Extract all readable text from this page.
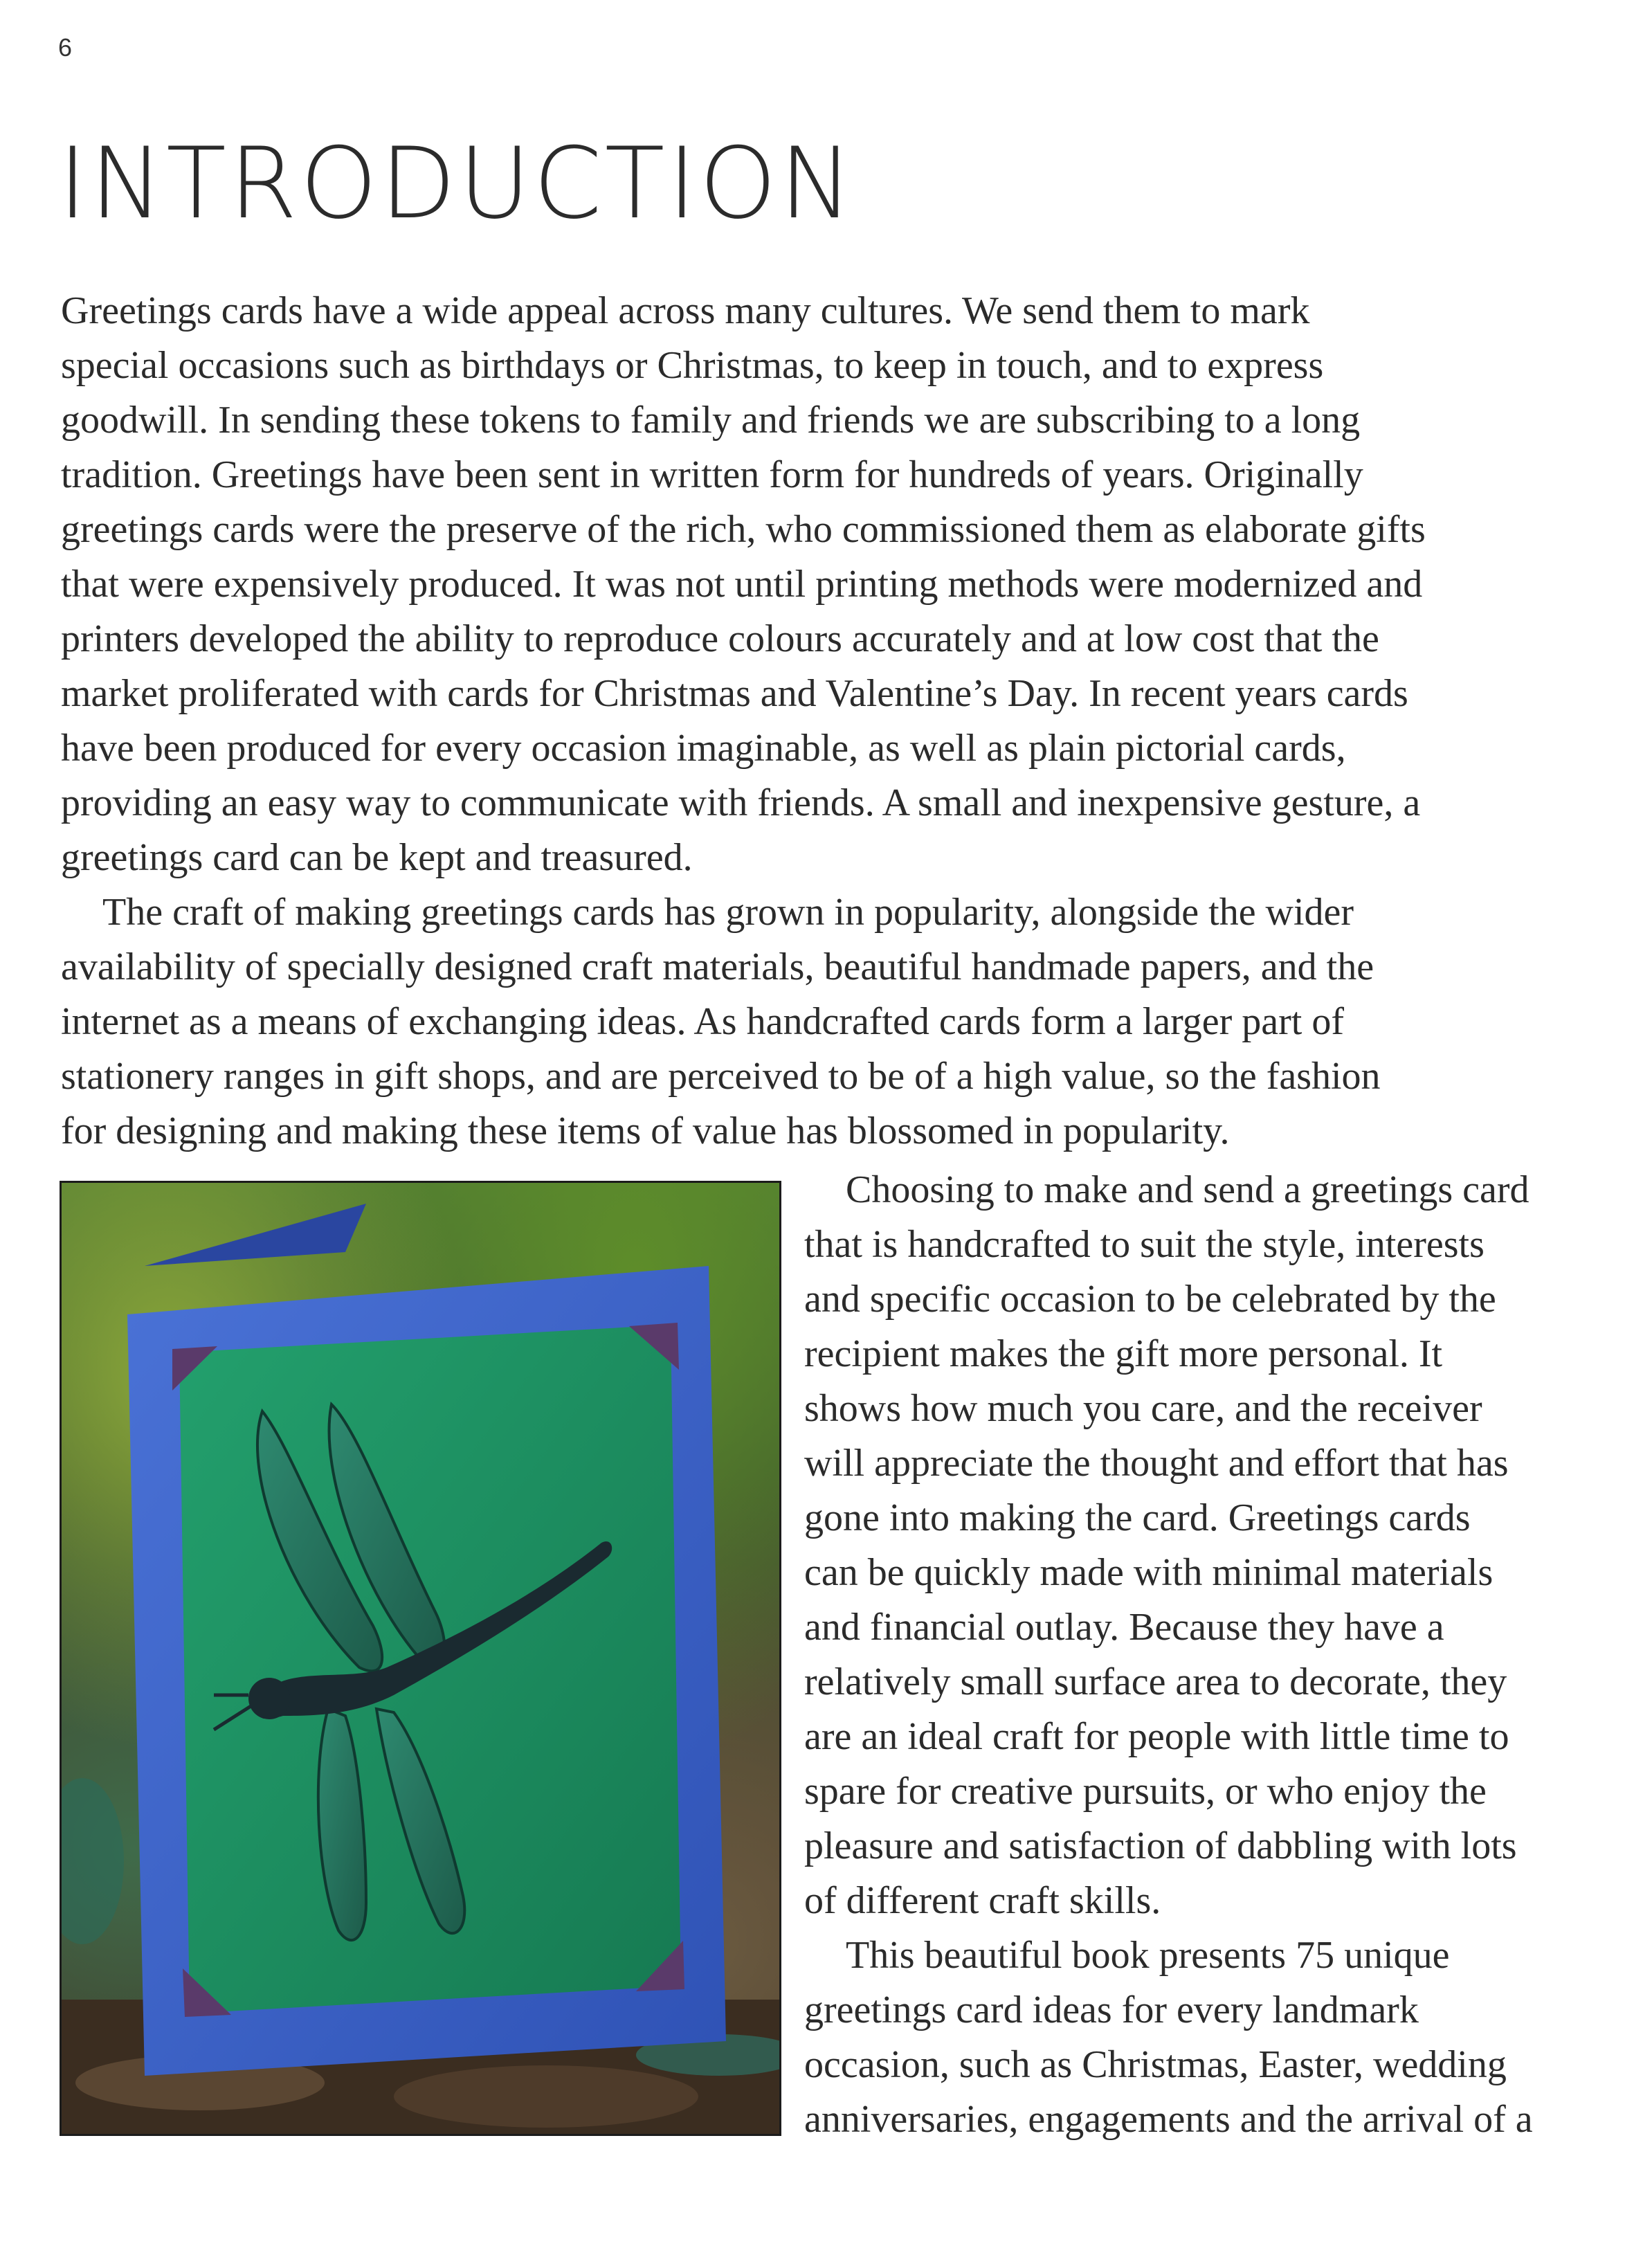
6
INTRODUCTION

Greetings cards have a wide appeal across many cultures. We send them to mark
special occasions such as birthdays or Christmas, to keep in touch, and to express
goodwill. In sending these tokens to family and friends we are subscribing to a long
tradition. Greetings have been sent in written form for hundreds of years. Originally
greetings cards were the preserve of the rich, who commissioned them as elaborate gifts
that were expensively produced. It was not until printing methods were modernized and
printers developed the ability to reproduce colours accurately and at low cost that the
market proliferated with cards for Christmas and Valentine’s Day. In recent years cards
have been produced for every occasion imaginable, as well as plain pictorial cards,
providing an easy way to communicate with friends. A small and inexpensive gesture, a
greetings card can be kept and treasured.

The craft of making greetings cards has grown in popularity, alongside the wider
availability of specially designed craft materials, beautiful handmade papers, and the
internet as a means of exchanging ideas. As handcrafted cards form a larger part of
stationery ranges in gift shops, and are perceived to be of a high value, so the fashion
for designing and making these items of value has blossomed in popularity.

Choosing to make and send a greetings card
that is handcrafted to suit the style, interests
and specific occasion to be celebrated by the
recipient makes the gift more personal. It
shows how much you care, and the receiver
will appreciate the thought and effort that has
gone into making the card. Greetings cards
can be quickly made with minimal materials
and financial outlay. Because they have a
relatively small surface area to decorate, they
are an ideal craft for people with little time to
spare for creative pursuits, or who enjoy the
pleasure and satisfaction of dabbling with lots
of different craft skills.

This beautiful book presents 75 unique
greetings card ideas for every landmark
occasion, such as Christmas, Easter, wedding
anniversaries, engagements and the arrival of a
